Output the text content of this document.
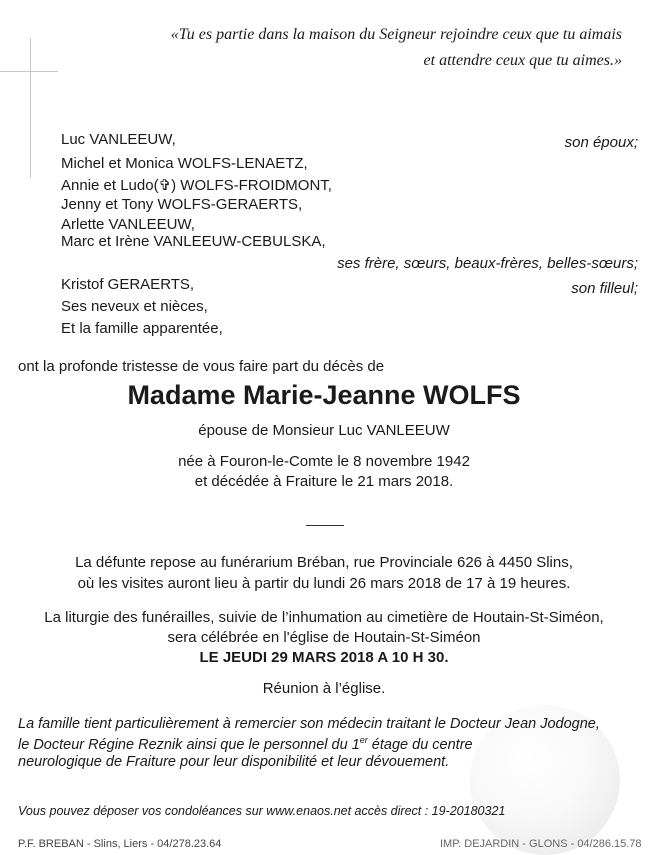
«Tu es partie dans la maison du Seigneur rejoindre ceux que tu aimais
et attendre ceux que tu aimes.»
Luc VANLEEUW,	son époux;
Michel et Monica WOLFS-LENAETZ,
Annie et Ludo(✞) WOLFS-FROIDMONT,
Jenny et Tony WOLFS-GERAERTS,
Arlette VANLEEUW,
Marc et Irène VANLEEUW-CEBULSKA,
ses frère, sœurs, beaux-frères, belles-sœurs;
Kristof GERAERTS,	son filleul;
Ses neveux et nièces,
Et la famille apparentée,
ont la profonde tristesse de vous faire part du décès de
Madame Marie-Jeanne WOLFS
épouse de Monsieur Luc VANLEEUW
née à Fouron-le-Comte le 8 novembre 1942
et décédée à Fraiture le 21 mars 2018.
La défunte repose au funérarium Bréban, rue Provinciale 626 à 4450 Slins,
où les visites auront lieu à partir du lundi 26 mars 2018 de 17 à 19 heures.
La liturgie des funérailles, suivie de l’inhumation au cimetière de Houtain-St-Siméon,
sera célébrée en l'église de Houtain-St-Siméon
LE JEUDI 29 MARS 2018 A 10 H 30.
Réunion à l’église.
La famille tient particulièrement à remercier son médecin traitant le Docteur Jean Jodogne,
le Docteur Régine Reznik ainsi que le personnel du 1er étage du centre
neurologique de Fraiture pour leur disponibilité et leur dévouement.
Vous pouvez déposer vos condoléances sur www.enaos.net accès direct : 19-20180321
P.F. BREBAN - Slins, Liers - 04/278.23.64	IMP. DEJARDIN - GLONS - 04/286.15.78
